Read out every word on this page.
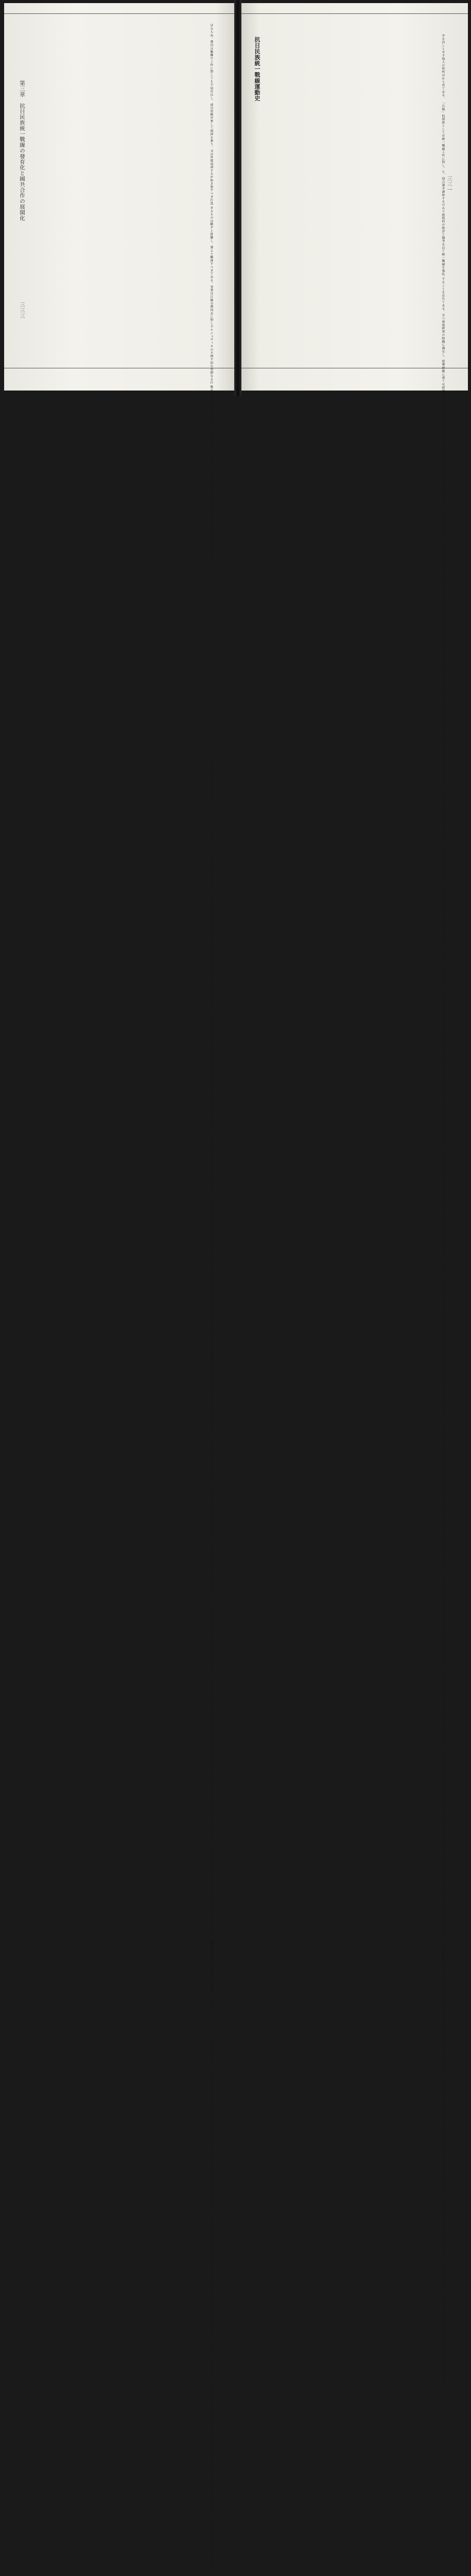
ばならぬ。黨員は艱難の工作に對しても不屈反込し、或は恐縮申奪して規律を紊り、又は外遊退却するが如き堕すべき行爲 あるものは斷乎と排難し、黨より驅逐すべきである。省委は江蘇全黨同志に對しボルシェヴィキの不撓不屈な勇敢なる行 動を以て上述の工作を實現すべく奮闘せんことを呼ぶ。これが江蘇黨の六中全會の指示に對する明確なる回答である。 中共江蘇省委　民國二十七年十二月一日 一九三八年十一月二十七日、蔣介石を中心とし、今回各戰區の責任者を網羅する軍事會議が湖南省の衡山に於て召集せら れた。これは漢口陥落後に於ける新戰略新戰術を決定する所の非常に重大なる會議であつた。即ち過去十七月の「抗戰經 驗」により、今後の軍事及行政軍と國策を確立するの政治上の諸問題に對する討論並に決定が行はれたのである。遊擊戰術指導の幹部 を養成するための學校設立の件も、またこの會議によつて決定され、その教官には共産黨員が多數推用せられた。同會に蔣 介石はこの會議に於いて、非常に重要なる報告（所謂訓詞）演説をなした。この内容は、過去に於ける抗戰經驗並に本會 議の重要任務に就いて説明すると共に「轉敗爲勝」の要道につき大いに强調する所があつたが、その全文は次の如くである。 四五、南嶽軍事會議に於ける蔣石介の訓詞（一九三八・一二・七） 本日は開會に先立ち、今次開會の主旨、我々の戰鬪經過、彼我現在の情況ならびに余個人の感想を先づ諸氏にお話する。 第一は我々抗戰の時期に關する説明である。昨年七月七日我々が敵と開戰してから今日まで早くも十七ヶ月經つた。蘆溝 橋事變より武漢の退軍、岳州陥落までは我々の抗戰の第一期である。我々は開戰より南京失陥までを第一期、爲南會戰より
第三章　抗日民族統一戰線の發育化と國共合作の展開化
三三三
抗日民族統一戰線運動史	歩を決しとせず他人の短所ばかり看てゐる。 「右傾」的現象としては統一戰線工作に對し、た、迎合譲歩調和するのみで進取的の批評と闘爭を以て統一戰線を強化 することを忘れてゐる。且つ落後群衆の組織に滿足し、遊撃運動に就ては群衆力により軽視し、軍事的投機方法により遊撃戰 爭を展開せむと企圖してゐる。 六中全會の決議はかくの如き錯誤傾向のある同志に對し潜りに之等の者に右傾或は左傾の名を與へてはならぬ、偏くま で忍耐心を以て教育し、説服せねばならぬことを教へてゐるのである。但し夫れには思想闘爭 共の防法としては錯誤を根本的に追究し、黨の路線に合致せしめる如く糾正することである。 展開を封ずることは絶對に不可である。今日黨内に存在する「和平・妥協」「錯誤同志隱蔽」等の腐敗せる自由主義は斷乎と れを克服せねばならぬ。 第三、黨が決定した組織發展の計畫は飽くまでこれを實行し、特に格段の努力を以て重要産業、農村及び武裝部隊中の黨 組織の發展に努力する必要があるが、これは群衆工作と實際闘爭中に於て群衆を訓練し、最も勇敢にして積極性のある進 歩分子を吸收することに依り完成されるものであつて、新黨員の入黨基本條件を引下げて黨の組織を擴大し、或は嚴密な る考査を省略して徒らに新黨員を集めるが如き傾向は斷じて戒めねばならぬ。 第四、江蘇の秘密環境下に於て省委は今一度全黨同志を整頓せしめ、黨組織秘密に關する省委の擧で決定を實行し、勝手 に黨の眞相を漏洩する小資産階級ロマン主義者と個人主義者に對しては、規律の制裁を加ふべきである。尚必要に應じては 最後に黨內に於ては模範的ボルシェヴィキ化の口號を提唱し、日常工作や常時同志の刻苦耐勞の犠牲精神を培養訓練せね
三三一
